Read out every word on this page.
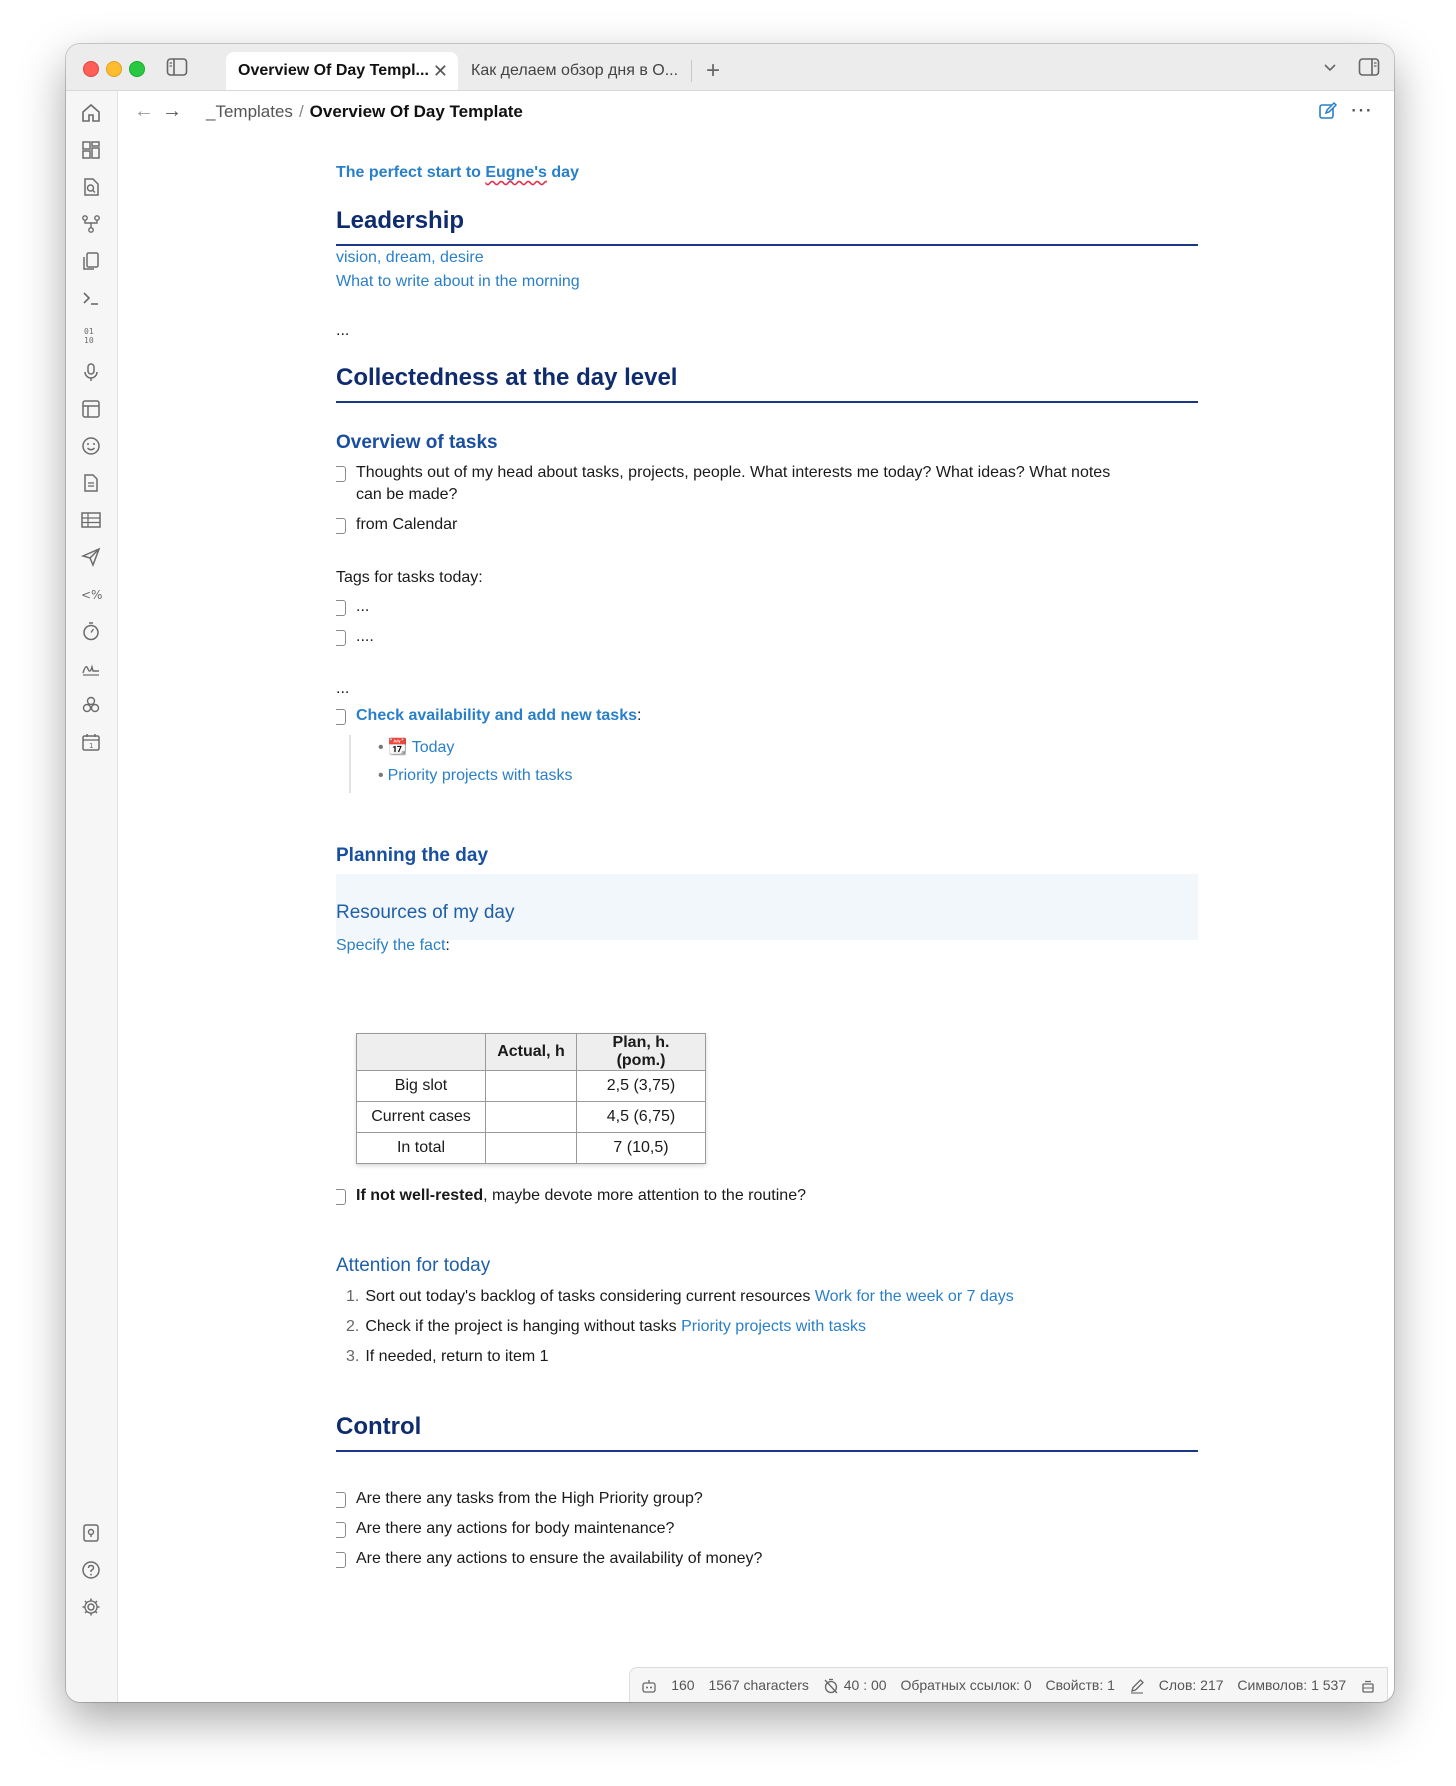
Overview Of Day Templ... ✕	Как делаем обзор дня в О...	+
01
10
<%
1
← → _Templates / Overview Of Day Template	⋯
The perfect start to Eugne's day
Leadership
vision, dream, desire
What to write about in the morning
...
Collectedness at the day level
Overview of tasks
Thoughts out of my head about tasks, projects, people. What interests me today? What ideas? What notes
can be made?
from Calendar
Tags for tasks today:
...
....
...
Check availability and add new tasks:
• 📆 Today
• Priority projects with tasks
Planning the day
Resources of my day
Specify the fact:
	Actual, h	Plan, h. (pom.)
Big slot		2,5 (3,75)
Current cases		4,5 (6,75)
In total		7 (10,5)
If not well-rested, maybe devote more attention to the routine?
Attention for today
1. Sort out today's backlog of tasks considering current resources Work for the week or 7 days
2. Check if the project is hanging without tasks Priority projects with tasks
3. If needed, return to item 1
Control
Are there any tasks from the High Priority group?
Are there any actions for body maintenance?
Are there any actions to ensure the availability of money?
160 1567 characters 40 : 00 Обратных ссылок: 0 Свойств: 1	Слов: 217 Символов: 1 537
